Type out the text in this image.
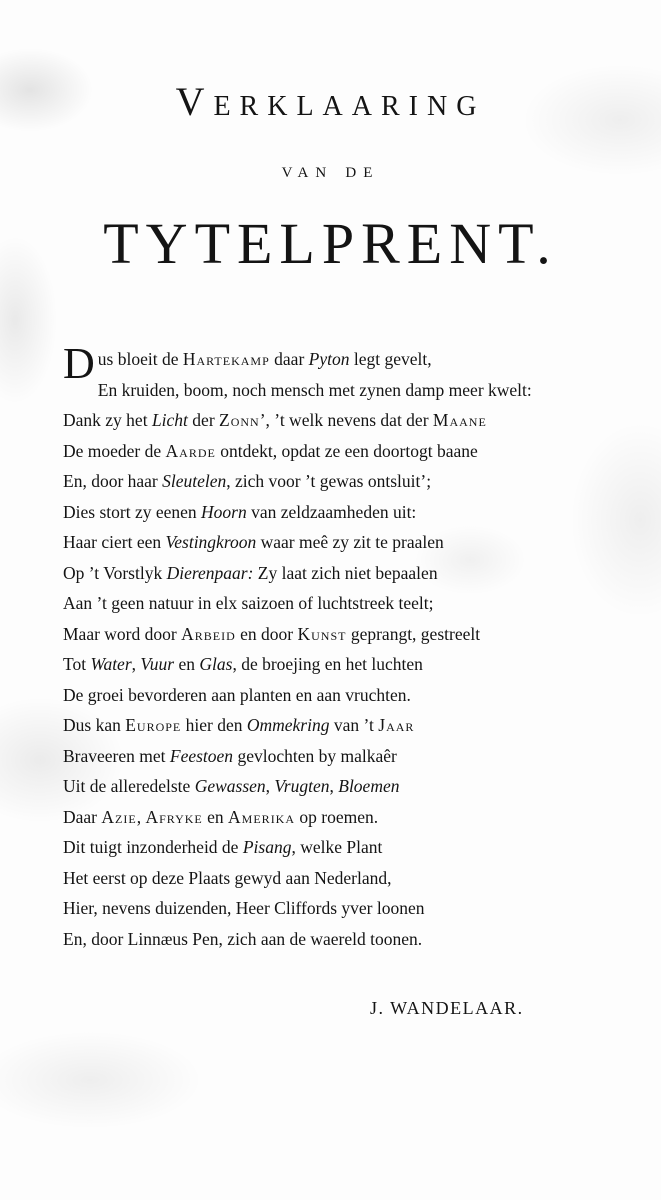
Verklaaring
van de
TYTELPRENT.
D us bloeit de Hartekamp daar Pyton legt gevelt,
En kruiden, boom, noch mensch met zynen damp meer kwelt:
Dank zy het Licht der Zonn’, ’t welk nevens dat der Maane
De moeder de Aarde ontdekt, opdat ze een doortogt baane
En, door haar Sleutelen, zich voor ’t gewas ontsluit’;
Dies stort zy eenen Hoorn van zeldzaamheden uit:
Haar ciert een Vestingkroon waar meê zy zit te praalen
Op ’t Vorstlyk Dierenpaar: Zy laat zich niet bepaalen
Aan ’t geen natuur in elx saizoen of luchtstreek teelt;
Maar word door Arbeid en door Kunst geprangt, gestreelt
Tot Water, Vuur en Glas, de broejing en het luchten
De groei bevorderen aan planten en aan vruchten.
Dus kan Europe hier den Ommekring van ’t Jaar
Braveeren met Feestoen gevlochten by malkaêr
Uit de alleredelste Gewassen, Vrugten, Bloemen
Daar Azie, Afryke en Amerika op roemen.
Dit tuigt inzonderheid de Pisang, welke Plant
Het eerst op deze Plaats gewyd aan Nederland,
Hier, nevens duizenden, Heer Cliffords yver loonen
En, door Linnæus Pen, zich aan de waereld toonen.
J. WANDELAAR.
